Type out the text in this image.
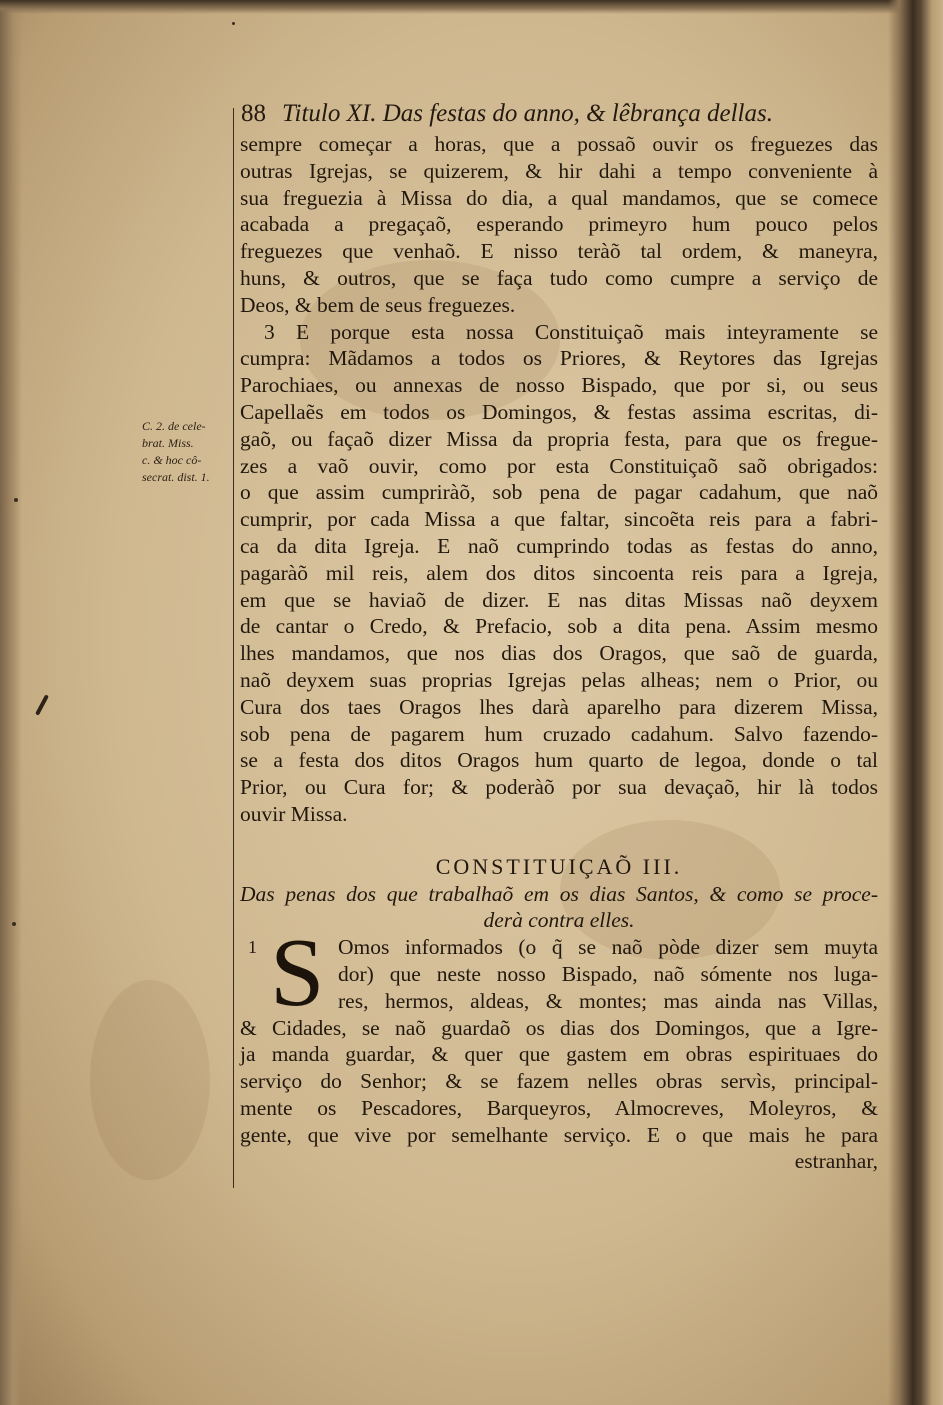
88 Titulo XI. Das festas do anno, & lêbrança dellas.
C. 2. de cele-
brat. Miss.
c. & hoc cô-
secrat. dist. 1.
sempre começar a horas, que a possaõ ouvir os freguezes das
outras Igrejas, se quizerem, & hir dahi a tempo conveniente à
sua freguezia à Missa do dia, a qual mandamos, que se comece
acabada a pregaçaõ, esperando primeyro hum pouco pelos
freguezes que venhaõ. E nisso teràõ tal ordem, & maneyra,
huns, & outros, que se faça tudo como cumpre a serviço de
Deos, & bem de seus freguezes.
3 E porque esta nossa Constituiçaõ mais inteyramente se
cumpra: Mãdamos a todos os Priores, & Reytores das Igrejas
Parochiaes, ou annexas de nosso Bispado, que por si, ou seus
Capellaẽs em todos os Domingos, & festas assima escritas, di-
gaõ, ou façaõ dizer Missa da propria festa, para que os fregue-
zes a vaõ ouvir, como por esta Constituiçaõ saõ obrigados:
o que assim cumpriràõ, sob pena de pagar cadahum, que naõ
cumprir, por cada Missa a que faltar, sincoẽta reis para a fabri-
ca da dita Igreja. E naõ cumprindo todas as festas do anno,
pagaràõ mil reis, alem dos ditos sincoenta reis para a Igreja,
em que se haviaõ de dizer. E nas ditas Missas naõ deyxem
de cantar o Credo, & Prefacio, sob a dita pena. Assim mesmo
lhes mandamos, que nos dias dos Oragos, que saõ de guarda,
naõ deyxem suas proprias Igrejas pelas alheas; nem o Prior, ou
Cura dos taes Oragos lhes darà aparelho para dizerem Missa,
sob pena de pagarem hum cruzado cadahum. Salvo fazendo-
se a festa dos ditos Oragos hum quarto de legoa, donde o tal
Prior, ou Cura for; & poderàõ por sua devaçaõ, hir là todos
ouvir Missa.
CONSTITUIÇAÕ III.
Das penas dos que trabalhaõ em os dias Santos, & como se proce-
derà contra elles.
1 S Omos informados (o q̃ se naõ pòde dizer sem muyta
dor) que neste nosso Bispado, naõ sómente nos luga-
res, hermos, aldeas, & montes; mas ainda nas Villas,
& Cidades, se naõ guardaõ os dias dos Domingos, que a Igre-
ja manda guardar, & quer que gastem em obras espirituaes do
serviço do Senhor; & se fazem nelles obras servìs, principal-
mente os Pescadores, Barqueyros, Almocreves, Moleyros, &
gente, que vive por semelhante serviço. E o que mais he para
estranhar,
